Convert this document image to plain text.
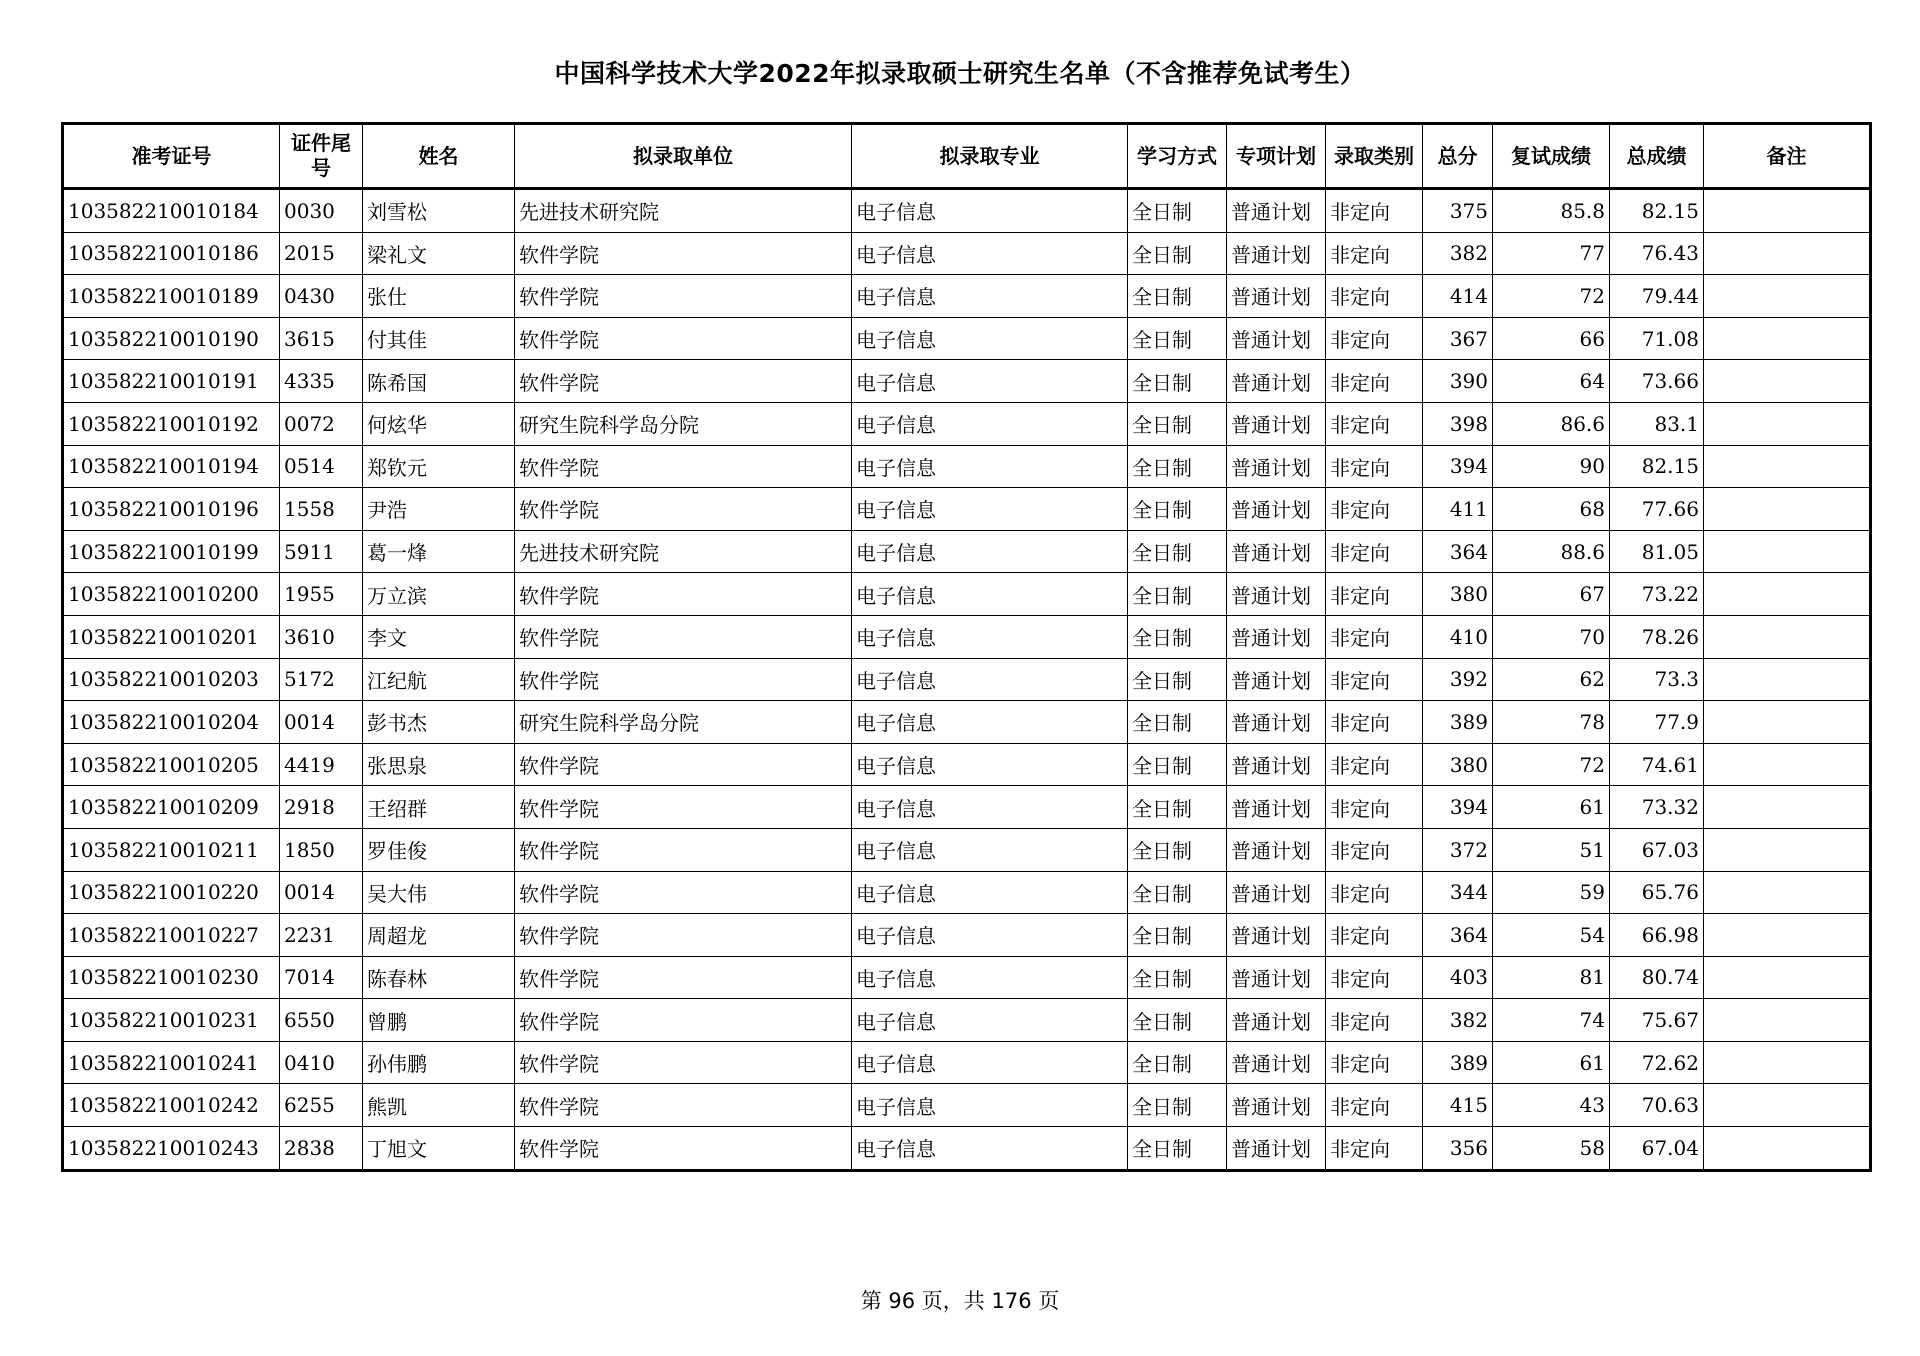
中国科学技术大学2022年拟录取硕士研究生名单（不含推荐免试考生）
准考证号	证件尾号	姓名	拟录取单位	拟录取专业	学习方式	专项计划	录取类别	总分	复试成绩	总成绩	备注
103582210010184	0030	刘雪松	先进技术研究院	电子信息	全日制	普通计划	非定向	375	85.8	82.15	
103582210010186	2015	梁礼文	软件学院	电子信息	全日制	普通计划	非定向	382	77	76.43	
103582210010189	0430	张仕	软件学院	电子信息	全日制	普通计划	非定向	414	72	79.44	
103582210010190	3615	付其佳	软件学院	电子信息	全日制	普通计划	非定向	367	66	71.08	
103582210010191	4335	陈希国	软件学院	电子信息	全日制	普通计划	非定向	390	64	73.66	
103582210010192	0072	何炫华	研究生院科学岛分院	电子信息	全日制	普通计划	非定向	398	86.6	83.1	
103582210010194	0514	郑钦元	软件学院	电子信息	全日制	普通计划	非定向	394	90	82.15	
103582210010196	1558	尹浩	软件学院	电子信息	全日制	普通计划	非定向	411	68	77.66	
103582210010199	5911	葛一烽	先进技术研究院	电子信息	全日制	普通计划	非定向	364	88.6	81.05	
103582210010200	1955	万立滨	软件学院	电子信息	全日制	普通计划	非定向	380	67	73.22	
103582210010201	3610	李文	软件学院	电子信息	全日制	普通计划	非定向	410	70	78.26	
103582210010203	5172	江纪航	软件学院	电子信息	全日制	普通计划	非定向	392	62	73.3	
103582210010204	0014	彭书杰	研究生院科学岛分院	电子信息	全日制	普通计划	非定向	389	78	77.9	
103582210010205	4419	张思泉	软件学院	电子信息	全日制	普通计划	非定向	380	72	74.61	
103582210010209	2918	王绍群	软件学院	电子信息	全日制	普通计划	非定向	394	61	73.32	
103582210010211	1850	罗佳俊	软件学院	电子信息	全日制	普通计划	非定向	372	51	67.03	
103582210010220	0014	吴大伟	软件学院	电子信息	全日制	普通计划	非定向	344	59	65.76	
103582210010227	2231	周超龙	软件学院	电子信息	全日制	普通计划	非定向	364	54	66.98	
103582210010230	7014	陈春林	软件学院	电子信息	全日制	普通计划	非定向	403	81	80.74	
103582210010231	6550	曾鹏	软件学院	电子信息	全日制	普通计划	非定向	382	74	75.67	
103582210010241	0410	孙伟鹏	软件学院	电子信息	全日制	普通计划	非定向	389	61	72.62	
103582210010242	6255	熊凯	软件学院	电子信息	全日制	普通计划	非定向	415	43	70.63	
103582210010243	2838	丁旭文	软件学院	电子信息	全日制	普通计划	非定向	356	58	67.04	
第 96 页，共 176 页
